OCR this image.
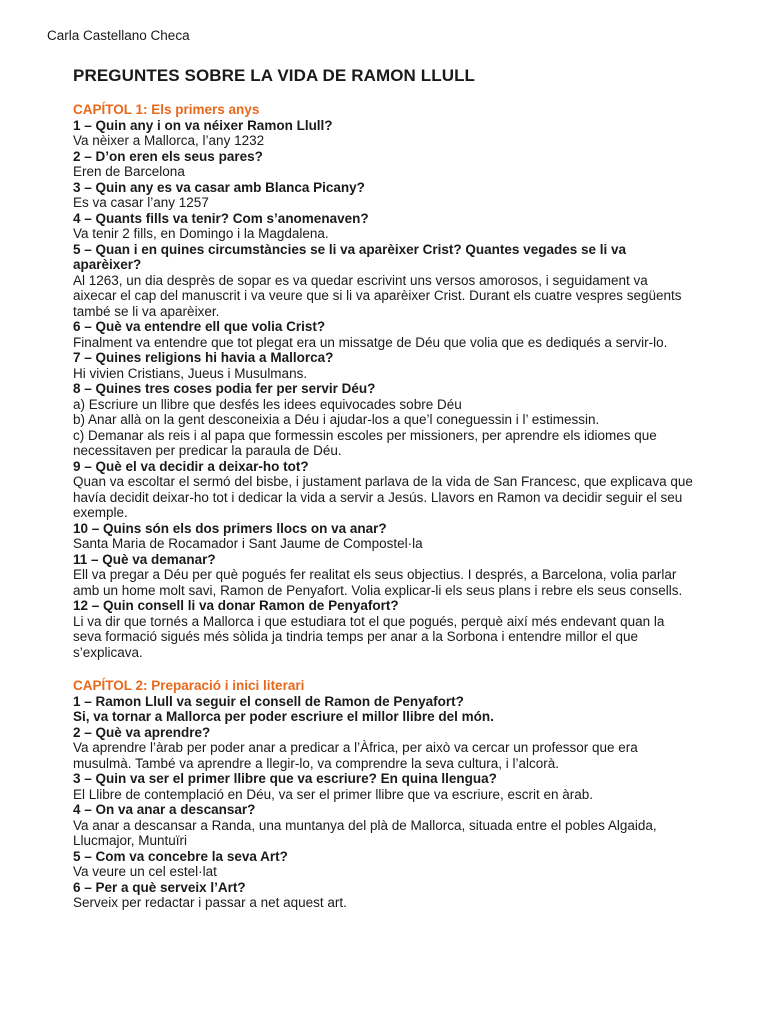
Carla Castellano Checa
PREGUNTES SOBRE LA VIDA DE RAMON LLULL
CAPÍTOL 1: Els primers anys
1 – Quin any i on va néixer Ramon Llull?
Va nèixer a Mallorca, l’any 1232
2 – D’on eren els seus pares?
Eren de Barcelona
3 – Quin any es va casar amb Blanca Picany?
Es va casar l’any 1257
4 – Quants fills va tenir? Com s’anomenaven?
Va tenir 2 fills, en Domingo i la Magdalena.
5 – Quan i en quines circumstàncies se li va aparèixer Crist? Quantes vegades se li va aparèixer?
Al 1263, un dia desprès de sopar es va quedar escrivint uns versos amorosos, i seguidament va aixecar el cap del manuscrit i va veure que si li va aparèixer Crist. Durant els cuatre vespres següents també se li va aparèixer.
6 – Què va entendre ell que volia Crist?
Finalment va entendre que tot plegat era un missatge de Déu que volia que es dediqués a servir-lo.
7 – Quines religions hi havia a Mallorca?
Hi vivien Cristians, Jueus i Musulmans.
8 – Quines tres coses podia fer per servir Déu?
a) Escriure un llibre que desfés les idees equivocades sobre Déu
b) Anar allà on la gent desconeixia a Déu i ajudar-los a que’l coneguessin i l’ estimessin.
c) Demanar als reis i al papa que formessin escoles per missioners, per aprendre els idiomes que necessitaven per predicar la paraula de Déu.
9 – Què el va decidir a deixar-ho tot?
Quan va escoltar el sermó del bisbe, i justament parlava de la vida de San Francesc, que explicava que havía decidit deixar-ho tot i dedicar la vida a servir a Jesús. Llavors en Ramon va decidir seguir el seu exemple.
10 – Quins són els dos primers llocs on va anar?
Santa Maria de Rocamador i Sant Jaume de Compostel·la
11 – Què va demanar?
Ell va pregar a Déu per què pogués fer realitat els seus objectius. I després, a Barcelona, volia parlar amb un home molt savi, Ramon de Penyafort. Volia explicar-li els seus plans i rebre els seus consells.
12 – Quin consell li va donar Ramon de Penyafort?
Li va dir que tornés a Mallorca i que estudiara tot el que pogués, perquè així més endevant quan la seva formació sigués més sòlida ja tindria temps per anar a la Sorbona i entendre millor el que s’explicava.
CAPÍTOL 2: Preparació i inici literari
1 – Ramon Llull va seguir el consell de Ramon de Penyafort?
Si, va tornar a Mallorca per poder escriure el millor llibre del món.
2 – Què va aprendre?
Va aprendre l’àrab per poder anar a predicar a l’Àfrica, per això va cercar un professor que era musulmà. També va aprendre a llegir-lo, va comprendre la seva cultura, i l’alcorà.
3 – Quin va ser el primer llibre que va escriure? En quina llengua?
El Llibre de contemplació en Déu, va ser el primer llibre que va escriure, escrit en àrab.
4 – On va anar a descansar?
Va anar a descansar a Randa, una muntanya del plà de Mallorca, situada entre el pobles Algaida, Llucmajor, Muntuïri
5 – Com va concebre la seva Art?
Va veure un cel estel·lat
6 – Per a què serveix l’Art?
Serveix per redactar i passar a net aquest art.
